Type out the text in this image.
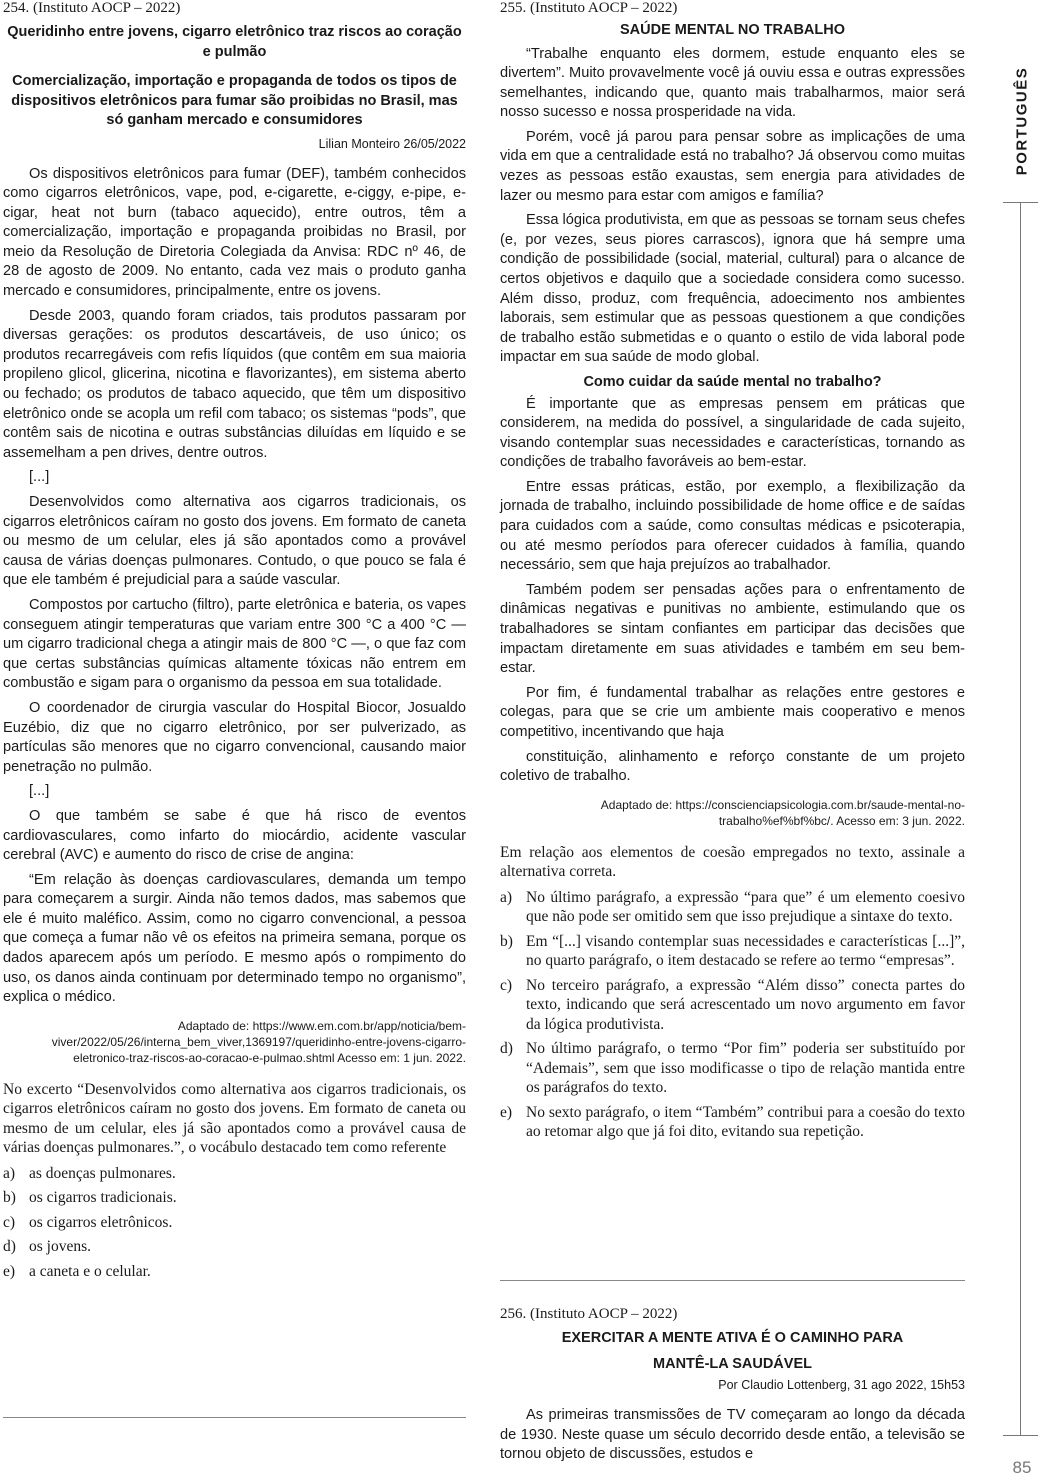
254. (Instituto AOCP – 2022)
Queridinho entre jovens, cigarro eletrônico traz riscos ao coração e pulmão
Comercialização, importação e propaganda de todos os tipos de dispositivos eletrônicos para fumar são proibidas no Brasil, mas só ganham mercado e consumidores
Lilian Monteiro 26/05/2022

Os dispositivos eletrônicos para fumar (DEF), também conhecidos como cigarros eletrônicos, vape, pod, e-cigarette, e-ciggy, e-pipe, e-cigar, heat not burn (tabaco aquecido), entre outros, têm a comercialização, importação e propaganda proibidas no Brasil, por meio da Resolução de Diretoria Colegiada da Anvisa: RDC nº 46, de 28 de agosto de 2009. No entanto, cada vez mais o produto ganha mercado e consumidores, principalmente, entre os jovens.

Desde 2003, quando foram criados, tais produtos passaram por diversas gerações: os produtos descartáveis, de uso único; os produtos recarregáveis com refis líquidos (que contêm em sua maioria propileno glicol, glicerina, nicotina e flavorizantes), em sistema aberto ou fechado; os produtos de tabaco aquecido, que têm um dispositivo eletrônico onde se acopla um refil com tabaco; os sistemas “pods”, que contêm sais de nicotina e outras substâncias diluídas em líquido e se assemelham a pen drives, dentre outros.

[...]

Desenvolvidos como alternativa aos cigarros tradicionais, os cigarros eletrônicos caíram no gosto dos jovens. Em formato de caneta ou mesmo de um celular, eles já são apontados como a provável causa de várias doenças pulmonares. Contudo, o que pouco se fala é que ele também é prejudicial para a saúde vascular.

Compostos por cartucho (filtro), parte eletrônica e bateria, os vapes conseguem atingir temperaturas que variam entre 300 °C a 400 °C — um cigarro tradicional chega a atingir mais de 800 °C —, o que faz com que certas substâncias químicas altamente tóxicas não entrem em combustão e sigam para o organismo da pessoa em sua totalidade.

O coordenador de cirurgia vascular do Hospital Biocor, Josualdo Euzébio, diz que no cigarro eletrônico, por ser pulverizado, as partículas são menores que no cigarro convencional, causando maior penetração no pulmão.

[...]

O que também se sabe é que há risco de eventos cardiovasculares, como infarto do miocárdio, acidente vascular cerebral (AVC) e aumento do risco de crise de angina:

“Em relação às doenças cardiovasculares, demanda um tempo para começarem a surgir. Ainda não temos dados, mas sabemos que ele é muito maléfico. Assim, como no cigarro convencional, a pessoa que começa a fumar não vê os efeitos na primeira semana, porque os dados aparecem após um período. E mesmo após o rompimento do uso, os danos ainda continuam por determinado tempo no organismo”, explica o médico.

Adaptado de: https://www.em.com.br/app/noticia/bem-viver/2022/05/26/interna_bem_viver,1369197/queridinho-entre-jovens-cigarro-eletronico-traz-riscos-ao-coracao-e-pulmao.shtml Acesso em: 1 jun. 2022.
No excerto “Desenvolvidos como alternativa aos cigarros tradicionais, os cigarros eletrônicos caíram no gosto dos jovens. Em formato de caneta ou mesmo de um celular, eles já são apontados como a provável causa de várias doenças pulmonares.”, o vocábulo destacado tem como referente
a) as doenças pulmonares.
b) os cigarros tradicionais.
c) os cigarros eletrônicos.
d) os jovens.
e) a caneta e o celular.
255. (Instituto AOCP – 2022)
SAÚDE MENTAL NO TRABALHO

“Trabalhe enquanto eles dormem, estude enquanto eles se divertem”. Muito provavelmente você já ouviu essa e outras expressões semelhantes, indicando que, quanto mais trabalharmos, maior será nosso sucesso e nossa prosperidade na vida.

Porém, você já parou para pensar sobre as implicações de uma vida em que a centralidade está no trabalho? Já observou como muitas vezes as pessoas estão exaustas, sem energia para atividades de lazer ou mesmo para estar com amigos e família?

Essa lógica produtivista, em que as pessoas se tornam seus chefes (e, por vezes, seus piores carrascos), ignora que há sempre uma condição de possibilidade (social, material, cultural) para o alcance de certos objetivos e daquilo que a sociedade considera como sucesso. Além disso, produz, com frequência, adoecimento nos ambientes laborais, sem estimular que as pessoas questionem a que condições de trabalho estão submetidas e o quanto o estilo de vida laboral pode impactar em sua saúde de modo global.

Como cuidar da saúde mental no trabalho?

É importante que as empresas pensem em práticas que considerem, na medida do possível, a singularidade de cada sujeito, visando contemplar suas necessidades e características, tornando as condições de trabalho favoráveis ao bem-estar.

Entre essas práticas, estão, por exemplo, a flexibilização da jornada de trabalho, incluindo possibilidade de home office e de saídas para cuidados com a saúde, como consultas médicas e psicoterapia, ou até mesmo períodos para oferecer cuidados à família, quando necessário, sem que haja prejuízos ao trabalhador.

Também podem ser pensadas ações para o enfrentamento de dinâmicas negativas e punitivas no ambiente, estimulando que os trabalhadores se sintam confiantes em participar das decisões que impactam diretamente em suas atividades e também em seu bem-estar.

Por fim, é fundamental trabalhar as relações entre gestores e colegas, para que se crie um ambiente mais cooperativo e menos competitivo, incentivando que haja

constituição, alinhamento e reforço constante de um projeto coletivo de trabalho.

Adaptado de: https://conscienciapsicologia.com.br/saude-mental-no-trabalho%ef%bf%bc/. Acesso em: 3 jun. 2022.
Em relação aos elementos de coesão empregados no texto, assinale a alternativa correta.
a) No último parágrafo, a expressão “para que” é um elemento coesivo que não pode ser omitido sem que isso prejudique a sintaxe do texto.
b) Em “[...] visando contemplar suas necessidades e características [...]”, no quarto parágrafo, o item destacado se refere ao termo “empresas”.
c) No terceiro parágrafo, a expressão “Além disso” conecta partes do texto, indicando que será acrescentado um novo argumento em favor da lógica produtivista.
d) No último parágrafo, o termo “Por fim” poderia ser substituído por “Ademais”, sem que isso modificasse o tipo de relação mantida entre os parágrafos do texto.
e) No sexto parágrafo, o item “Também” contribui para a coesão do texto ao retomar algo que já foi dito, evitando sua repetição.
256. (Instituto AOCP – 2022)
EXERCITAR A MENTE ATIVA É O CAMINHO PARA
MANTÊ-LA SAUDÁVEL
Por Claudio Lottenberg, 31 ago 2022, 15h53

As primeiras transmissões de TV começaram ao longo da década de 1930. Neste quase um século decorrido desde então, a televisão se tornou objeto de discussões, estudos e

PORTUGUÊS
85
